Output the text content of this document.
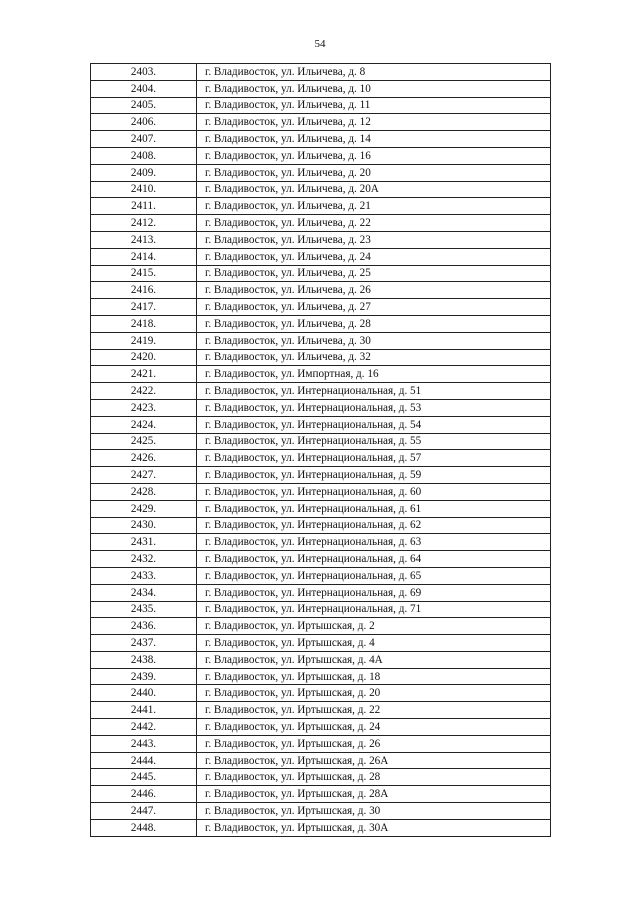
54
2403.	г. Владивосток, ул. Ильичева, д. 8
2404.	г. Владивосток, ул. Ильичева, д. 10
2405.	г. Владивосток, ул. Ильичева, д. 11
2406.	г. Владивосток, ул. Ильичева, д. 12
2407.	г. Владивосток, ул. Ильичева, д. 14
2408.	г. Владивосток, ул. Ильичева, д. 16
2409.	г. Владивосток, ул. Ильичева, д. 20
2410.	г. Владивосток, ул. Ильичева, д. 20А
2411.	г. Владивосток, ул. Ильичева, д. 21
2412.	г. Владивосток, ул. Ильичева, д. 22
2413.	г. Владивосток, ул. Ильичева, д. 23
2414.	г. Владивосток, ул. Ильичева, д. 24
2415.	г. Владивосток, ул. Ильичева, д. 25
2416.	г. Владивосток, ул. Ильичева, д. 26
2417.	г. Владивосток, ул. Ильичева, д. 27
2418.	г. Владивосток, ул. Ильичева, д. 28
2419.	г. Владивосток, ул. Ильичева, д. 30
2420.	г. Владивосток, ул. Ильичева, д. 32
2421.	г. Владивосток, ул. Импортная, д. 16
2422.	г. Владивосток, ул. Интернациональная, д. 51
2423.	г. Владивосток, ул. Интернациональная, д. 53
2424.	г. Владивосток, ул. Интернациональная, д. 54
2425.	г. Владивосток, ул. Интернациональная, д. 55
2426.	г. Владивосток, ул. Интернациональная, д. 57
2427.	г. Владивосток, ул. Интернациональная, д. 59
2428.	г. Владивосток, ул. Интернациональная, д. 60
2429.	г. Владивосток, ул. Интернациональная, д. 61
2430.	г. Владивосток, ул. Интернациональная, д. 62
2431.	г. Владивосток, ул. Интернациональная, д. 63
2432.	г. Владивосток, ул. Интернациональная, д. 64
2433.	г. Владивосток, ул. Интернациональная, д. 65
2434.	г. Владивосток, ул. Интернациональная, д. 69
2435.	г. Владивосток, ул. Интернациональная, д. 71
2436.	г. Владивосток, ул. Иртышская, д. 2
2437.	г. Владивосток, ул. Иртышская, д. 4
2438.	г. Владивосток, ул. Иртышская, д. 4А
2439.	г. Владивосток, ул. Иртышская, д. 18
2440.	г. Владивосток, ул. Иртышская, д. 20
2441.	г. Владивосток, ул. Иртышская, д. 22
2442.	г. Владивосток, ул. Иртышская, д. 24
2443.	г. Владивосток, ул. Иртышская, д. 26
2444.	г. Владивосток, ул. Иртышская, д. 26А
2445.	г. Владивосток, ул. Иртышская, д. 28
2446.	г. Владивосток, ул. Иртышская, д. 28А
2447.	г. Владивосток, ул. Иртышская, д. 30
2448.	г. Владивосток, ул. Иртышская, д. 30А
